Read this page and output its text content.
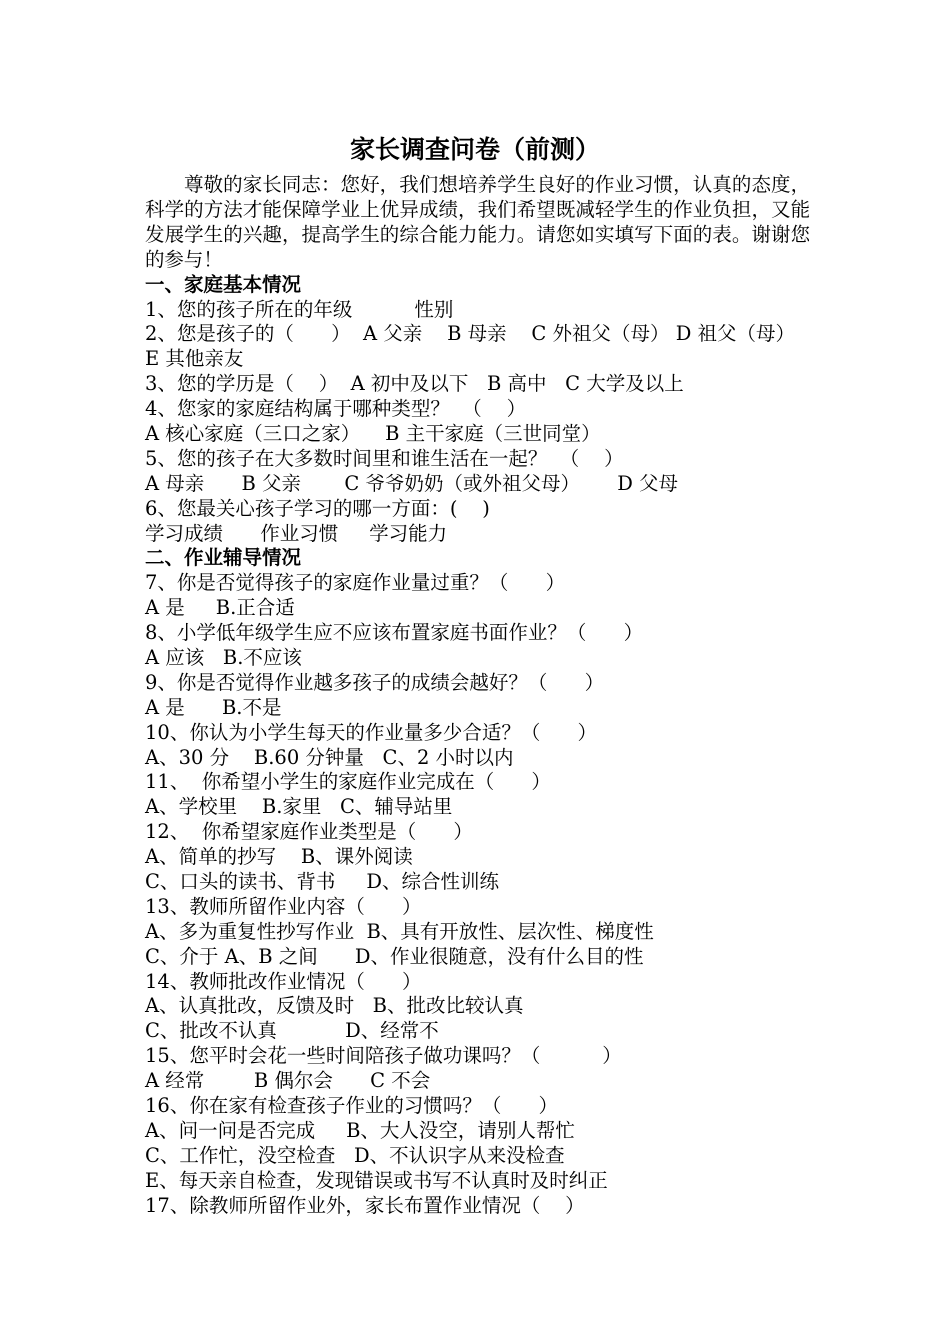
家长调查问卷（前测）

尊敬的家长同志：您好，我们想培养学生良好的作业习惯，认真的态度，科学的方法才能保障学业上优异成绩，我们希望既减轻学生的作业负担，又能发展学生的兴趣，提高学生的综合能力能力。请您如实填写下面的表。谢谢您的参与！

一、家庭基本情况
1、您的孩子所在的年级          性别
2、您是孩子的（      ）  A 父亲    B 母亲    C 外祖父（母） D 祖父（母）
E 其他亲友
3、您的学历是（    ）  A 初中及以下   B 高中   C 大学及以上
4、您家的家庭结构属于哪种类型？  （    ）
A 核心家庭（三口之家）    B 主干家庭（三世同堂）
5、您的孩子在大多数时间里和谁生活在一起？  （    ）
A 母亲      B 父亲       C 爷爷奶奶（或外祖父母）      D 父母
6、您最关心孩子学习的哪一方面：(    )
学习成绩      作业习惯     学习能力
二、作业辅导情况
7、你是否觉得孩子的家庭作业量过重？（      ）
A 是     B.正合适
8、小学低年级学生应不应该布置家庭书面作业？（      ）
A 应该   B.不应该
9、你是否觉得作业越多孩子的成绩会越好？（      ）
A 是      B.不是
10、你认为小学生每天的作业量多少合适？（      ）
A、30 分    B.60 分钟量   C、2 小时以内
11、  你希望小学生的家庭作业完成在（      ）
A、学校里    B.家里   C、辅导站里
12、  你希望家庭作业类型是（      ）
A、简单的抄写    B、课外阅读
C、口头的读书、背书     D、综合性训练
13、教师所留作业内容（      ）
A、多为重复性抄写作业  B、具有开放性、层次性、梯度性
C、介于 A、B 之间      D、作业很随意，没有什么目的性
14、教师批改作业情况（      ）
A、认真批改，反馈及时   B、批改比较认真
C、批改不认真           D、经常不
15、您平时会花一些时间陪孩子做功课吗？（          ）
A 经常        B 偶尔会      C 不会
16、你在家有检查孩子作业的习惯吗？（      ）
A、问一问是否完成     B、大人没空，请别人帮忙
C、工作忙，没空检查   D、不认识字从来没检查
E、每天亲自检查，发现错误或书写不认真时及时纠正
17、除教师所留作业外，家长布置作业情况（    ）
